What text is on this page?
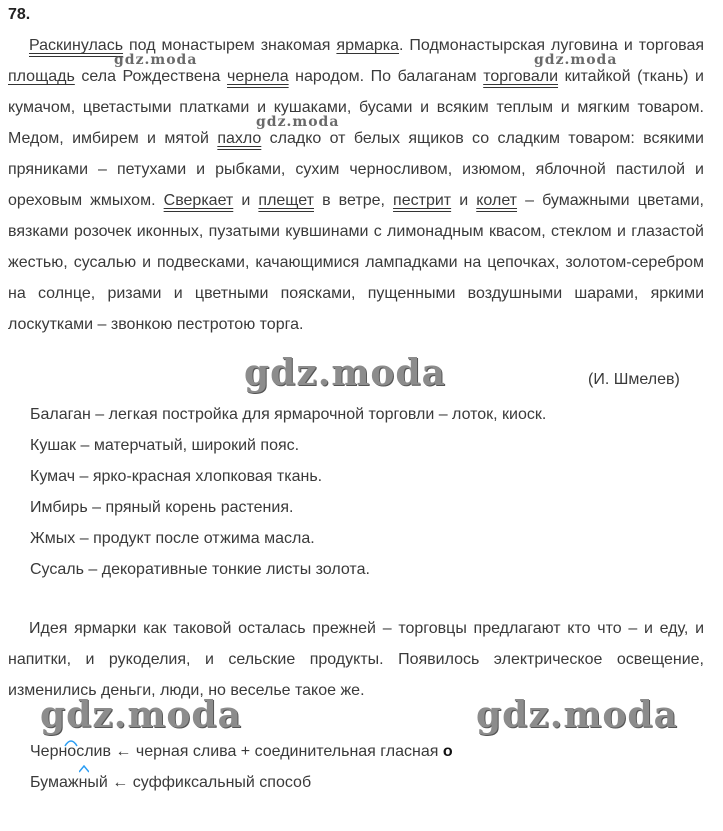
78.

Раскинулась под монастырем знакомая ярмарка. Подмонастырская луговина и торговая площадь села Рождествена чернела народом. По балаганам торговали китайкой (ткань) и кумачом, цветастыми платками и кушаками, бусами и всяким теплым и мягким товаром. Медом, имбирем и мятой пахло сладко от белых ящиков со сладким товаром: всякими пряниками – петухами и рыбками, сухим черносливом, изюмом, яблочной пастилой и ореховым жмыхом. Сверкает и плещет в ветре, пестрит и колет – бумажными цветами, вязками розочек иконных, пузатыми кувшинами с лимонадным квасом, стеклом и глазастой жестью, сусалью и подвесками, качающимися лампадками на цепочках, золотом-серебром на солнце, ризами и цветными поясками, пущенными воздушными шарами, яркими лоскутками – звонкою пестротою торга.

(И. Шмелев)
Балаган – легкая постройка для ярмарочной торговли – лоток, киоск.
Кушак – матерчатый, широкий пояс.
Кумач – ярко-красная хлопковая ткань.
Имбирь – пряный корень растения.
Жмых – продукт после отжима масла.
Сусаль – декоративные тонкие листы золота.

Идея ярмарки как таковой осталась прежней – торговцы предлагают кто что – и еду, и напитки, и рукоделия, и сельские продукты. Появилось электрическое освещение, изменились деньги, люди, но веселье такое же.

Черно
слив ← черная слива + соединительная гласная о
Бумаж
ный ← суффиксальный способ
gdz.moda	gdz.moda
gdz.moda
gdz.moda
gdz.moda	gdz.moda
